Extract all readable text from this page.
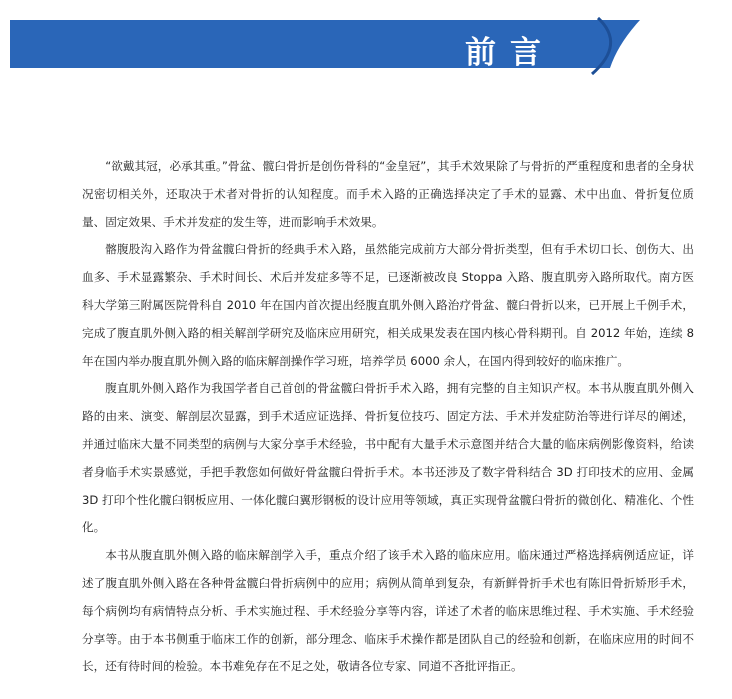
前言

“欲戴其冠，必承其重。”骨盆、髋臼骨折是创伤骨科的“金皇冠”，其手术效果除了与骨折的严重程度和患者的全身状况密切相关外，还取决于术者对骨折的认知程度。而手术入路的正确选择决定了手术的显露、术中出血、骨折复位质量、固定效果、手术并发症的发生等，进而影响手术效果。

髂腹股沟入路作为骨盆髋臼骨折的经典手术入路，虽然能完成前方大部分骨折类型，但有手术切口长、创伤大、出血多、手术显露繁杂、手术时间长、术后并发症多等不足，已逐渐被改良 Stoppa 入路、腹直肌旁入路所取代。南方医科大学第三附属医院骨科自 2010 年在国内首次提出经腹直肌外侧入路治疗骨盆、髋臼骨折以来，已开展上千例手术，完成了腹直肌外侧入路的相关解剖学研究及临床应用研究，相关成果发表在国内核心骨科期刊。自 2012 年始，连续 8 年在国内举办腹直肌外侧入路的临床解剖操作学习班，培养学员 6000 余人，在国内得到较好的临床推广。

腹直肌外侧入路作为我国学者自己首创的骨盆髋臼骨折手术入路，拥有完整的自主知识产权。本书从腹直肌外侧入路的由来、演变、解剖层次显露，到手术适应证选择、骨折复位技巧、固定方法、手术并发症防治等进行详尽的阐述，并通过临床大量不同类型的病例与大家分享手术经验，书中配有大量手术示意图并结合大量的临床病例影像资料，给读者身临手术实景感觉，手把手教您如何做好骨盆髋臼骨折手术。本书还涉及了数字骨科结合 3D 打印技术的应用、金属 3D 打印个性化髋臼钢板应用、一体化髋臼翼形钢板的设计应用等领域，真正实现骨盆髋臼骨折的微创化、精准化、个性化。

本书从腹直肌外侧入路的临床解剖学入手，重点介绍了该手术入路的临床应用。临床通过严格选择病例适应证，详述了腹直肌外侧入路在各种骨盆髋臼骨折病例中的应用；病例从简单到复杂，有新鲜骨折手术也有陈旧骨折矫形手术，每个病例均有病情特点分析、手术实施过程、手术经验分享等内容，详述了术者的临床思维过程、手术实施、手术经验分享等。由于本书侧重于临床工作的创新，部分理念、临床手术操作都是团队自己的经验和创新，在临床应用的时间不长，还有待时间的检验。本书难免存在不足之处，敬请各位专家、同道不吝批评指正。
